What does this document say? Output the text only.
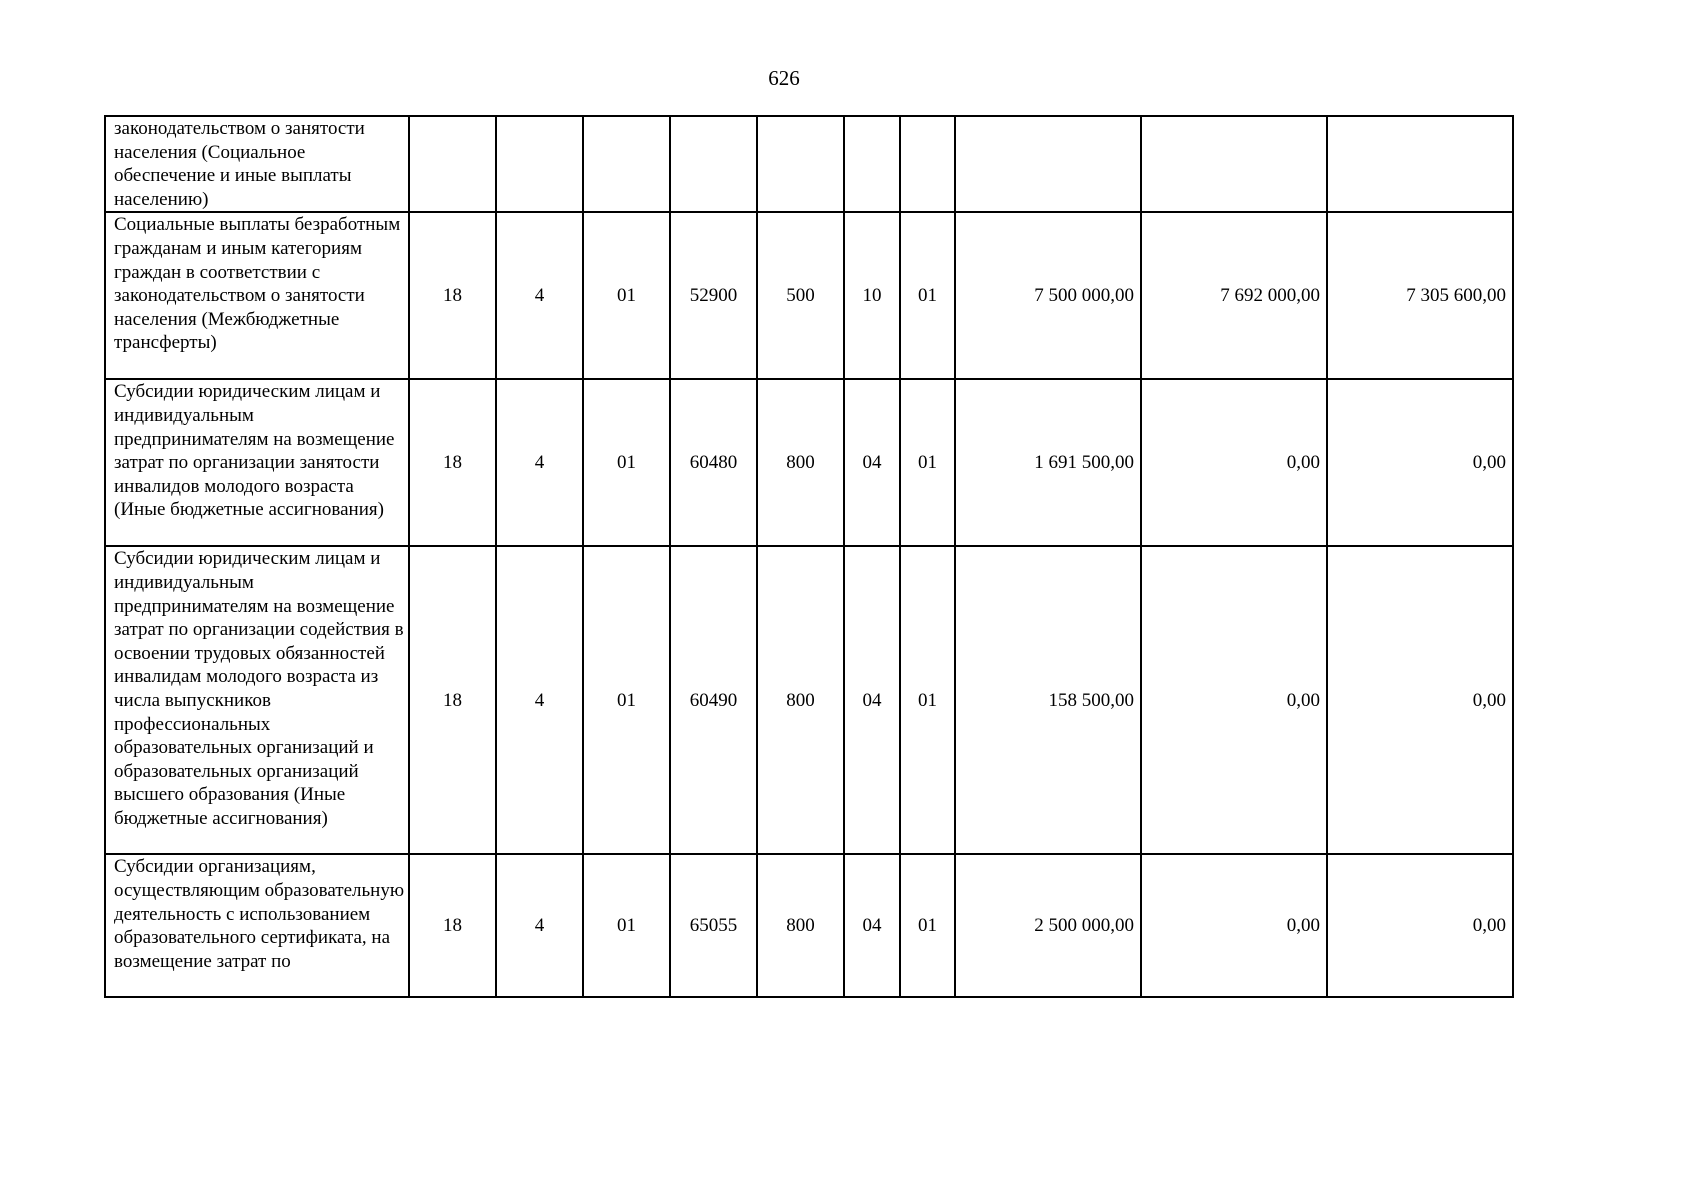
626
законодательством о занятости населения (Социальное обеспечение и иные выплаты населению)										
Социальные выплаты безработным гражданам и иным категориям граждан в соответствии с законодательством о занятости населения (Межбюджетные трансферты)	18	4	01	52900	500	10	01	7 500 000,00	7 692 000,00	7 305 600,00
Субсидии юридическим лицам и индивидуальным предпринимателям на возмещение затрат по организации занятости инвалидов молодого возраста (Иные бюджетные ассигнования)	18	4	01	60480	800	04	01	1 691 500,00	0,00	0,00
Субсидии юридическим лицам и индивидуальным предпринимателям на возмещение затрат по организации содействия в освоении трудовых обязанностей инвалидам молодого возраста из числа выпускников профессиональных образовательных организаций и образовательных организаций высшего образования (Иные бюджетные ассигнования)	18	4	01	60490	800	04	01	158 500,00	0,00	0,00
Субсидии организациям, осуществляющим образовательную деятельность с использованием образовательного сертификата, на возмещение затрат по	18	4	01	65055	800	04	01	2 500 000,00	0,00	0,00
